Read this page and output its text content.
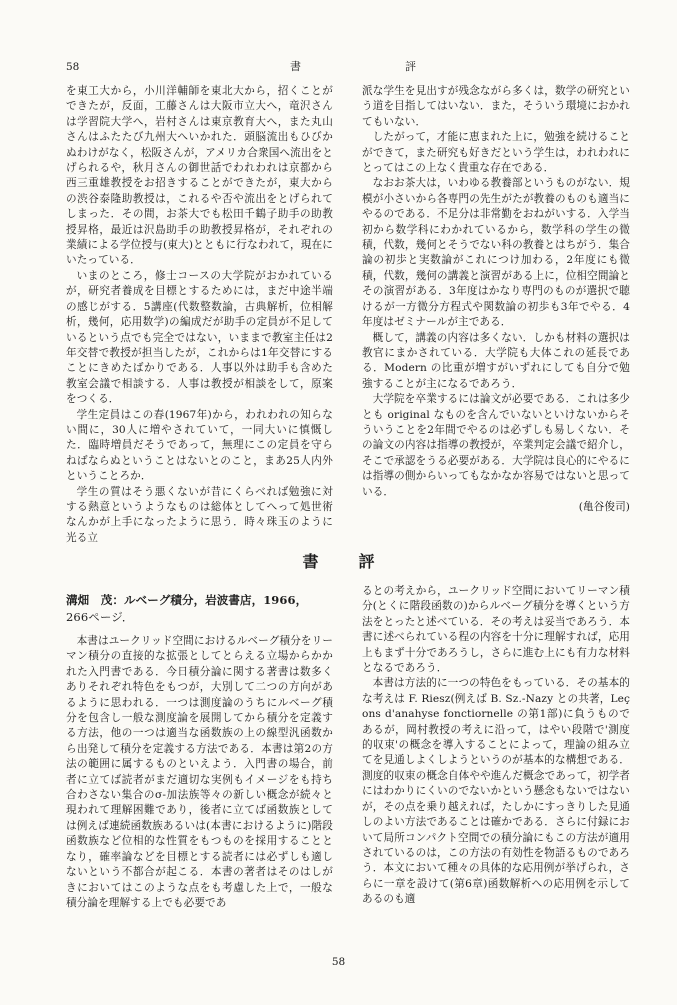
58	書	評

を東工大から，小川洋輔師を東北大から，招くことができたが，反面，工藤さんは大阪市立大へ，竜沢さんは学習院大学へ，岩村さんは東京教育大へ，また丸山さんはふたたび九州大へいかれた．頭脳流出もひびかぬわけがなく，松阪さんが，アメリカ合衆国へ流出をとげられるや，秋月さんの御世話でわれわれは京都から西三重雄教授をお招きすることができたが，東大からの渋谷泰隆助教授は，これるや否や流出をとげられてしまった．その間，お茶大でも松田千鶴子助手の助教授昇格，最近は沢島助手の助教授昇格が，それぞれの業績による学位授与(東大)とともに行なわれて，現在にいたっている．

いまのところ，修士コースの大学院がおかれているが，研究者養成を目標とするためには，まだ中途半端の感じがする．5講座(代数整数論，古典解析，位相解析，幾何，応用数学)の編成だが助手の定員が不足しているという点でも完全ではない，いままで教室主任は2年交替で教授が担当したが，これからは1年交替にすることにきめたばかりである．人事以外は助手も含めた教室会議で相談する．人事は教授が相談をして，原案をつくる．

学生定員はこの春(1967年)から，われわれの知らない間に，30人に増やされていて，一同大いに慎慨した．臨時増員だそうであって，無理にこの定員を守らねばならぬということはないとのこと，まあ25人内外ということろか．

学生の質はそう悪くないが昔にくらべれば勉強に対する熱意というようなものは総体としてへって処世術なんかが上手になったように思う．時々珠玉のように光る立

派な学生を見出すが残念ながら多くは，数学の研究という道を目指してはいない．また，そういう環境におかれてもいない．

したがって，才能に恵まれた上に，勉強を続けることができて，また研究も好きだという学生は，われわれにとってはこの上なく貴重な存在である．

なおお茶大は，いわゆる教養部というものがない．規模が小さいから各専門の先生がたが教養のものも適当にやるのである．不足分は非常勤をおねがいする．入学当初から数学科にわかれているから，数学科の学生の微積，代数，幾何とそうでない科の教養とはちがう．集合論の初歩と実数論がこれにつけ加わる，2年度にも微積，代数，幾何の講義と演習がある上に，位相空間論とその演習がある．3年度はかなり専門のものが選択で聴けるが一方微分方程式や関数論の初歩も3年でやる．4年度はゼミナールが主である．

概して，講義の内容は多くない．しかも材料の選択は教官にまかされている．大学院も大体これの延長である．Modern の比重が増すがいずれにしても自分で勉強することが主になるであろう．

大学院を卒業するには論文が必要である．これは多少とも original なものを含んでいないといけないからそういうことを2年間でやるのは必ずしも易しくない．その論文の内容は指導の教授が，卒業判定会議で紹介し，そこで承認をうる必要がある．大学院は良心的にやるには指導の側からいってもなかなか容易ではないと思っている．

(亀谷俊司)

書評
溝畑　茂：ルベーグ積分，岩波書店，1966，
266ページ．

本書はユークリッド空間におけるルベーグ積分をリーマン積分の直接的な拡張としてとらえる立場からかかれた入門書である．今日積分論に関する著書は数多くありそれぞれ特色をもつが，大別して二つの方向があるように思われる．一つは測度論のうちにルベーグ積分を包含し一般な測度論を展開してから積分を定義する方法，他の一つは適当な函数族の上の線型汎函数から出発して積分を定義する方法である．本書は第2の方法の範囲に属するものといえよう．入門書の場合，前者に立てば読者がまだ適切な実例もイメージをも持ち合わさない集合のσ-加法族等々の新しい概念が続々と現われて理解困難であり，後者に立てば函数族としては例えば連続函数族あるいは(本書におけるように)階段函数族など位相的な性質をもつものを採用することとなり，確率論などを目標とする読者には必ずしも適しないという不都合が起こる．本書の著者はそのはしがきにおいてはこのような点をも考慮した上で，一般な積分論を理解する上でも必要であ

るとの考えから，ユークリッド空間においてリーマン積分(とくに階段函数の)からルベーグ積分を導くという方法をとったと述べている．その考えは妥当であろう．本書に述べられている程の内容を十分に理解すれば，応用上もまず十分であろうし，さらに進む上にも有力な材料となるであろう．

本書は方法的に一つの特色をもっている．その基本的な考えは F. Riesz(例えば B. Sz.-Nazy との共著，Leçons d'anahyse fonctiornelle の第1部)に負うものであるが，岡村教授の考えに沿って，はやい段階で'測度的収束'の概念を導入することによって，理論の組み立てを見通しよくしようというのが基本的な構想である．測度的収束の概念自体やや進んだ概念であって，初学者にはわかりにくいのでないかという懸念もないではないが，その点を乗り越えれば，たしかにすっきりした見通しのよい方法であることは確かである．さらに付録において局所コンパクト空間での積分論にもこの方法が適用されているのは，この方法の有効性を物語るものであろう．本文において種々の具体的な応用例が挙げられ，さらに一章を設けて(第6章)函数解析への応用例を示してあるのも適

58
